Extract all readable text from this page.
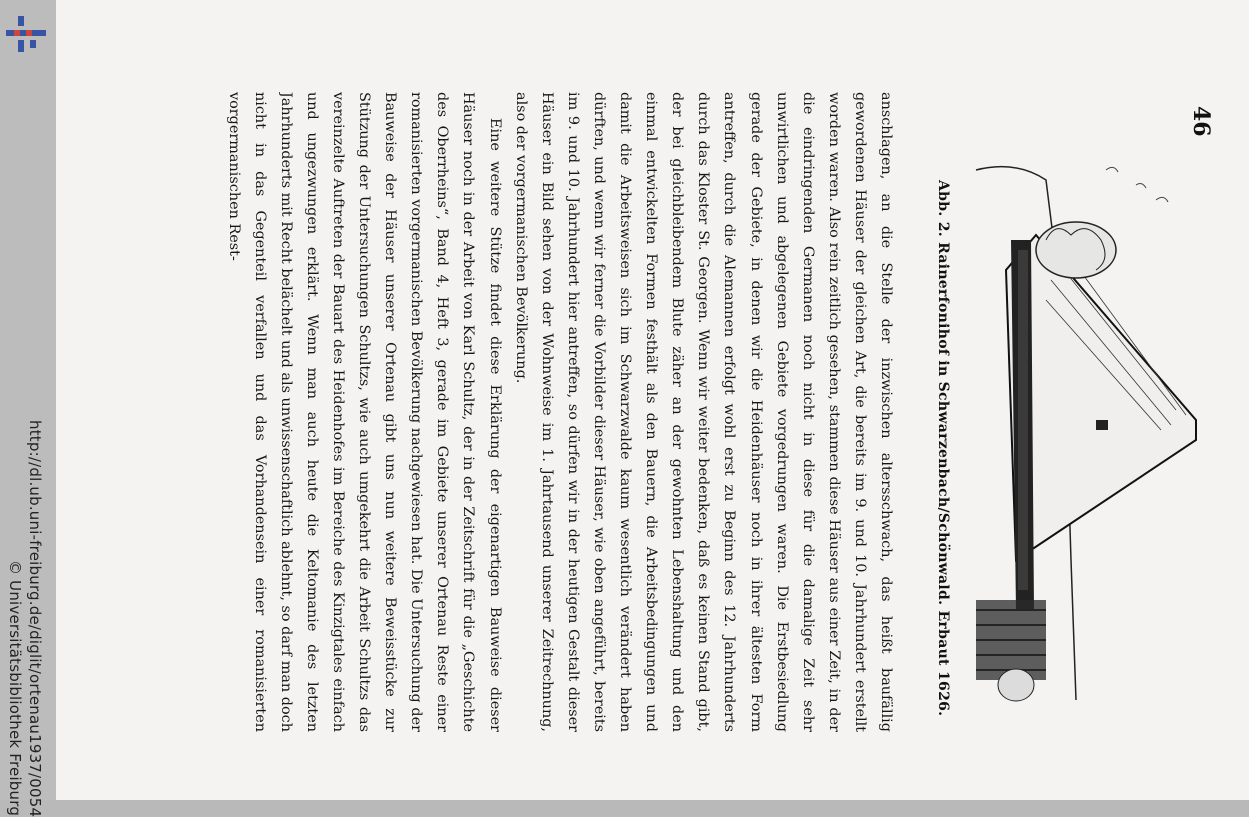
http://dl.ub.uni-freiburg.de/diglit/ortenau1937/0054
© Universitätsbibliothek Freiburg
46
Abb. 2. Rainerfonihof in Schwarzenbach/Schönwald. Erbaut 1626.

anschlagen, an die Stelle der inzwischen altersschwach, das heißt baufällig gewordenen Häuser der gleichen Art, die bereits im 9. und 10. Jahrhundert erstellt worden waren. Also rein zeitlich gesehen, stammen diese Häuser aus einer Zeit, in der die eindringenden Germanen noch nicht in diese für die damalige Zeit sehr unwirtlichen und abgelegenen Gebiete vorgedrungen waren. Die Erstbesiedlung gerade der Gebiete, in denen wir die Heidenhäuser noch in ihrer ältesten Form antreffen, durch die Alemannen erfolgt wohl erst zu Beginn des 12. Jahrhunderts durch das Kloster St. Georgen. Wenn wir weiter bedenken, daß es keinen Stand gibt, der bei gleichbleibendem Blute zäher an der gewohnten Lebenshaltung und den einmal entwickelten Formen festhält als den Bauern, die Arbeitsbedingungen und damit die Arbeitsweisen sich im Schwarzwalde kaum wesentlich verändert haben dürften, und wenn wir ferner die Vorbilder dieser Häuser, wie oben angeführt, bereits im 9. und 10. Jahrhundert hier antreffen, so dürfen wir in der heutigen Gestalt dieser Häuser ein Bild sehen von der Wohnweise im 1. Jahrtausend unserer Zeitrechnung, also der vorgermanischen Bevölkerung.

Eine weitere Stütze findet diese Erklärung der eigenartigen Bauweise dieser Häuser noch in der Arbeit von Karl Schultz, der in der Zeitschrift für die „Geschichte des Oberrheins“, Band 4, Heft 3, gerade im Gebiete unserer Ortenau Reste einer romanisierten vorgermanischen Bevölkerung nachgewiesen hat. Die Untersuchung der Bauweise der Häuser unserer Ortenau gibt uns nun weitere Beweisstücke zur Stützung der Untersuchungen Schultzs, wie auch umgekehrt die Arbeit Schultzs das vereinzelte Auftreten der Bauart des Heidenhofes im Bereiche des Kinzigtales einfach und ungezwungen erklärt. Wenn man auch heute die Keltomanie des letzten Jahrhunderts mit Recht belächelt und als unwissenschaftlich ablehnt, so darf man doch nicht in das Gegenteil verfallen und das Vorhandensein einer romanisierten vorgermanischen Rest-
